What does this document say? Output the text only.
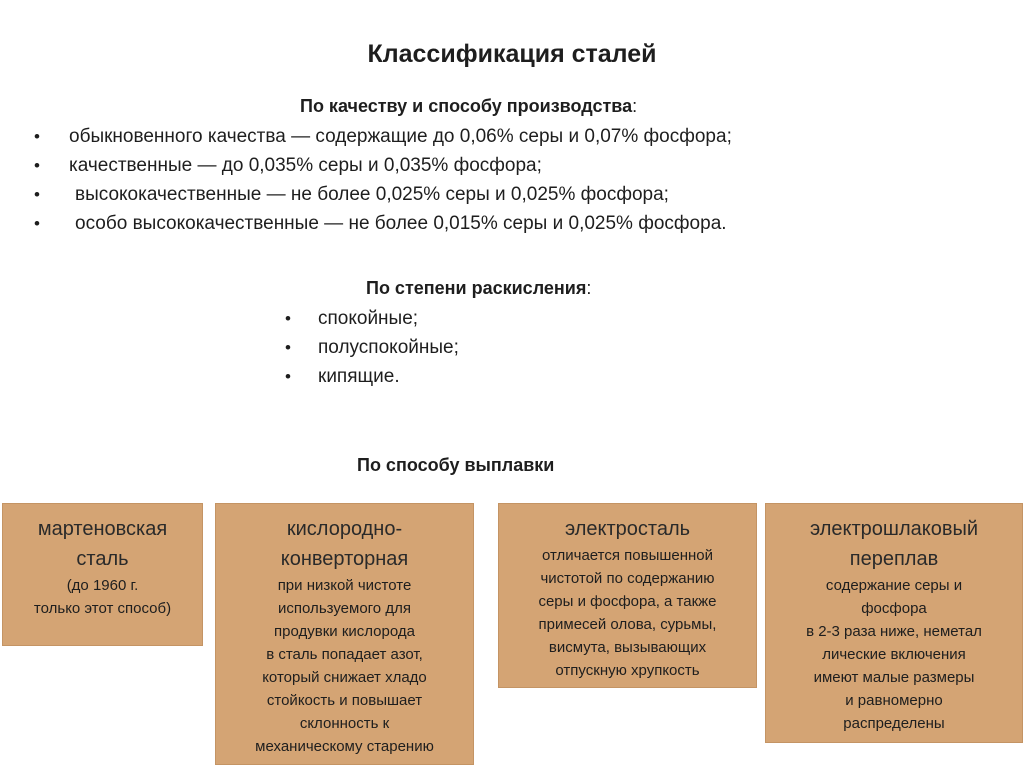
Классификация сталей
По качеству и способу производства:
• обыкновенного качества — содержащие до 0,06% серы и 0,07% фосфора;
• качественные — до 0,035% серы и 0,035% фосфора;
• высококачественные — не более 0,025% серы и 0,025% фосфора;
• особо высококачественные — не более 0,015% серы и 0,025% фосфора.
По степени раскисления:
• спокойные;
• полуспокойные;
• кипящие.
По способу выплавки
мартеновская
сталь
(до 1960 г.
только этот способ)
кислородно-
конверторная
при низкой чистоте
используемого для
продувки кислорода
в сталь попадает азот,
который снижает хладо
стойкость и повышает
склонность к
механическому старению
электросталь
отличается повышенной
чистотой по содержанию
серы и фосфора, а также
примесей олова, сурьмы,
висмута, вызывающих
отпускную хрупкость
электрошлаковый
переплав
содержание серы и
фосфора
в 2-3 раза ниже, неметал
лические включения
имеют малые размеры
и равномерно
распределены
